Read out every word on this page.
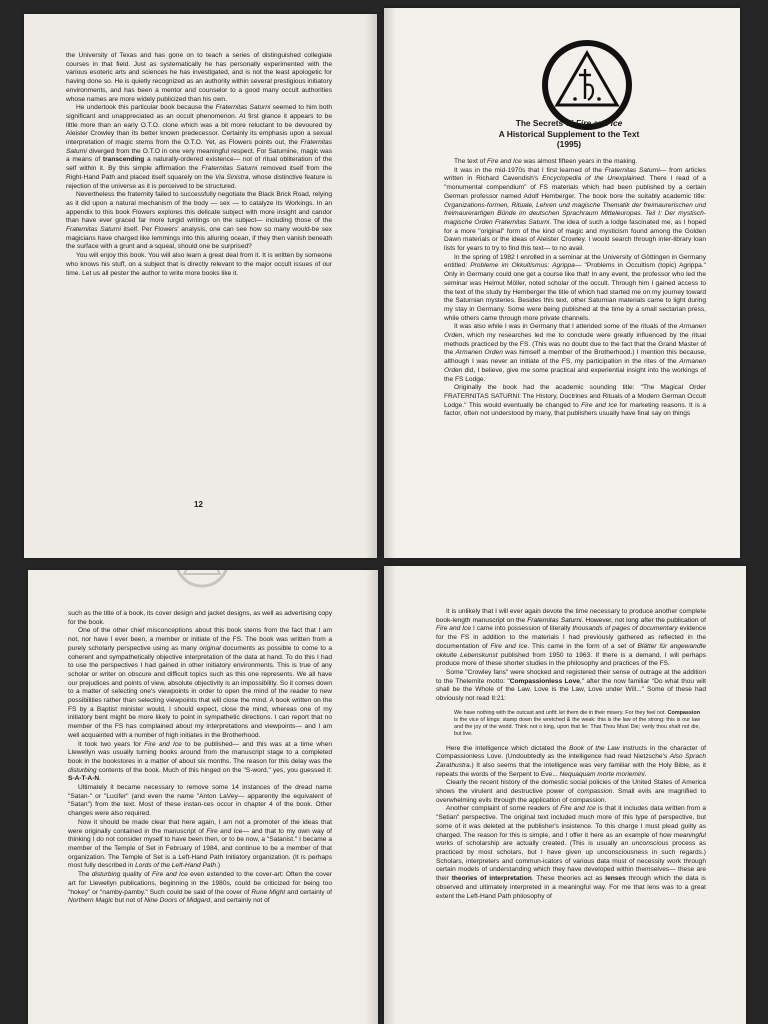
the University of Texas and has gone on to teach a series of distinguished collegiate courses in that field. Just as systematically he has personally experimented with the various esoteric arts and sciences he has investigated, and is not the least apologetic for having done so. He is quietly recognized as an authority within several prestigious initiatory environments, and has been a mentor and counselor to a good many occult authorities whose names are more widely publicized than his own.

He undertook this particular book because the Fraternitas Saturni seemed to him both significant and unappreciated as an occult phenomenon. At first glance it appears to be little more than an early O.T.O. clone which was a bit more reluctant to be devoured by Aleister Crowley than its better known predecessor. Certainly its emphasis upon a sexual interpretation of magic stems from the O.T.O. Yet, as Flowers points out, the Fraternitas Saturni diverged from the O.T.O in one very meaningful respect. For Saturnine, magic was a means of transcending a naturally-ordered existence— not of ritual obliteration of the self within it. By this simple affirmation the Fraternitas Saturni removed itself from the Right-Hand Path and placed itself squarely on the Via Sinistra, whose distinctive feature is rejection of the universe as it is perceived to be structured.

Nevertheless the fraternity failed to successfully negotiate the Black Brick Road, relying as it did upon a natural mechanism of the body — sex — to catalyze its Workings. In an appendix to this book Flowers explores this delicate subject with more insight and candor than have ever graced far more turgid writings on the subject— including those of the Fraternitas Saturni itself. Per Flowers' analysis, one can see how so many would-be sex magicians have charged like lemmings into this alluring ocean, if they then vanish beneath the surface with a grunt and a squeal, should one be surprised?

You will enjoy this book. You will also learn a great deal from it. It is written by someone who knows his stuff, on a subject that is directly relevant to the major occult issues of our time. Let us all pester the author to write more books like it.

12
The Secrets of Fire and Ice
A Historical Supplement to the Text
(1995)

The text of Fire and Ice was almost fifteen years in the making.

It was in the mid-1970s that I first learned of the Fraternitas Saturni— from articles written in Richard Cavendish's Encyclopedia of the Unexplained. There I read of a "monumental compendium" of FS materials which had been published by a certain German professor named Adolf Hemberger. The book bore the suitably academic title: Organizations-formen, Rituale, Lehren und magische Thematik der freimaurerischen und freimaurerartigen Bünde im deutschen Sprachraum Mitteleuropas. Teil I: Der mystisch-magische Orden Fraternitas Saturni. The idea of such a lodge fascinated me, as I hoped for a more "original" form of the kind of magic and mysticism found among the Golden Dawn materials or the ideas of Aleister Crowley. I would search through inter-library loan lists for years to try to find this text— to no avail.

In the spring of 1982 I enrolled in a seminar at the University of Göttingen in Germany entitled: Probleme im Okkultismus: Agrippa— "Problems in Occultism (topic) Agrippa." Only in Germany could one get a course like that! In any event, the professor who led the seminar was Helmut Möller, noted scholar of the occult. Through him I gained access to the text of the study by Hemberger the title of which had started me on my journey toward the Saturnian mysteries. Besides this text, other Saturnian materials came to light during my stay in Germany. Some were being published at the time by a small sectarian press, while others came through more private channels.

It was also while I was in Germany that I attended some of the rituals of the Armanen Orden, which my researches led me to conclude were greatly influenced by the ritual methods practiced by the FS. (This was no doubt due to the fact that the Grand Master of the Armanen Orden was himself a member of the Brotherhood.) I mention this because, although I was never an initiate of the FS, my participation in the rites of the Armanen Orden did, I believe, give me some practical and experiential insight into the workings of the FS Lodge.

Originally the book had the academic sounding title: "The Magical Order FRATERNITAS SATURNI: The History, Doctrines and Rituals of a Modern German Occult Lodge." This would eventually be changed to Fire and Ice for marketing reasons. It is a factor, often not understood by many, that publishers usually have final say on things

such as the title of a book, its cover design and jacket designs, as well as advertising copy for the book.

One of the other chief misconceptions about this book stems from the fact that I am not, nor have I ever been, a member or initiate of the FS. The book was written from a purely scholarly perspective using as many original documents as possible to come to a coherent and sympathetically objective interpretation of the data at hand. To do this I had to use the perspectives I had gained in other initiatory environments. This is true of any scholar or writer on obscure and difficult topics such as this one represents. We all have our prejudices and points of view, absolute objectivity is an impossibility. So it comes down to a matter of selecting one's viewpoints in order to open the mind of the reader to new possibilities rather than selecting viewpoints that will close the mind. A book written on the FS by a Baptist minister would, I should expect, close the mind, whereas one of my initiatory bent might be more likely to point in sympathetic directions. I can report that no member of the FS has complained about my interpretations and viewpoints— and I am well acquainted with a number of high initiates in the Brotherhood.

It took two years for Fire and Ice to be published— and this was at a time when Llewellyn was usually turning books around from the manuscript stage to a completed book in the bookstores in a matter of about six months. The reason for this delay was the disturbing contents of the book. Much of this hinged on the "S-word," yes, you guessed it: S-A-T-A-N.

Ultimately it became necessary to remove some 14 instances of the dread name "Satan-" or "Lucifer" (and even the name "Anton LaVey— apparently the equivalent of "Satan") from the text. Most of these instan-ces occur in chapter 4 of the book. Other changes were also required.

Now it should be made clear that here again, I am not a promoter of the ideas that were originally contained in the manuscript of Fire and Ice— and that to my own way of thinking I do not consider myself to have been then, or to be now, a "Satanist." I became a member of the Temple of Set in February of 1984, and continue to be a member of that organization. The Temple of Set is a Left-Hand Path Initiatory organization. (It is perhaps most fully described in Lords of the Left-Hand Path.)

The disturbing quality of Fire and Ice even extended to the cover-art: Often the cover art for Llewellyn publications, beginning in the 1980s, could be criticized for being too "hokey" or "namby-pamby." Such could be said of the cover of Rune Might and certainly of Northern Magic but not of Nine Doors of Midgard, and certainly not of

It is unlikely that I will ever again devote the time necessary to produce another complete book-length manuscript on the Fraternitas Saturni. However, not long after the publication of Fire and Ice I came into possession of literally thousands of pages of documentary evidence for the FS in addition to the materials I had previously gathered as reflected in the documentation of Fire and Ice. This came in the form of a set of Blätter für angewandte okkulte Lebenskunst published from 1950 to 1963. If there is a demand, I will perhaps produce more of these shorter studies in the philosophy and practices of the FS.

Some "Crowley fans" were shocked and registered their sense of outrage at the addition to the Thelemite motto: "Compassionless Love," after the now familiar "Do what thou wilt shall be the Whole of the Law. Love is the Law, Love under Will..." Some of these had obviously not read II:21:

We have nothing with the outcast and unfit: let them die in their misery. For they feel not. Compassion is the vice of kings: stamp down the wretched & the weak: this is the law of the strong: this is our law and the joy of the world. Think not o king, upon that lie: That Thou Must Die; verily thou shalt not die, but live.

Here the intelligence which dictated the Book of the Law instructs in the character of Compassionless Love. (Undoubtedly as the intelligence had read Nietzsche's Also Sprach Zarathustra.) It also seems that the intelligence was very familiar with the Holy Bible, as it repeats the words of the Serpent to Eve... Nequaquam morte moriemini.

Clearly the recent history of the domestic social policies of the United States of America shows the virulent and destructive power of compassion. Small evils are magnified to overwhelming evils through the application of compassion.

Another complaint of some readers of Fire and Ice is that it includes data written from a "Setian" perspective. The original text included much more of this type of perspective, but some of it was deleted at the publisher's insistence. To this charge I must plead guilty as charged. The reason for this is simple, and I offer it here as an example of how meaningful works of scholarship are actually created. (This is usually an unconscious process as practiced by most scholars, but I have given up unconsciousness in such regards.) Scholars, interpreters and commun-icators of various data must of necessity work through certain models of understanding which they have developed within themselves— these are their theories of interpretation. These theories act as lenses through which the data is observed and ultimately interpreted in a meaningful way. For me that lens was to a great extent the Left-Hand Path philosophy of
